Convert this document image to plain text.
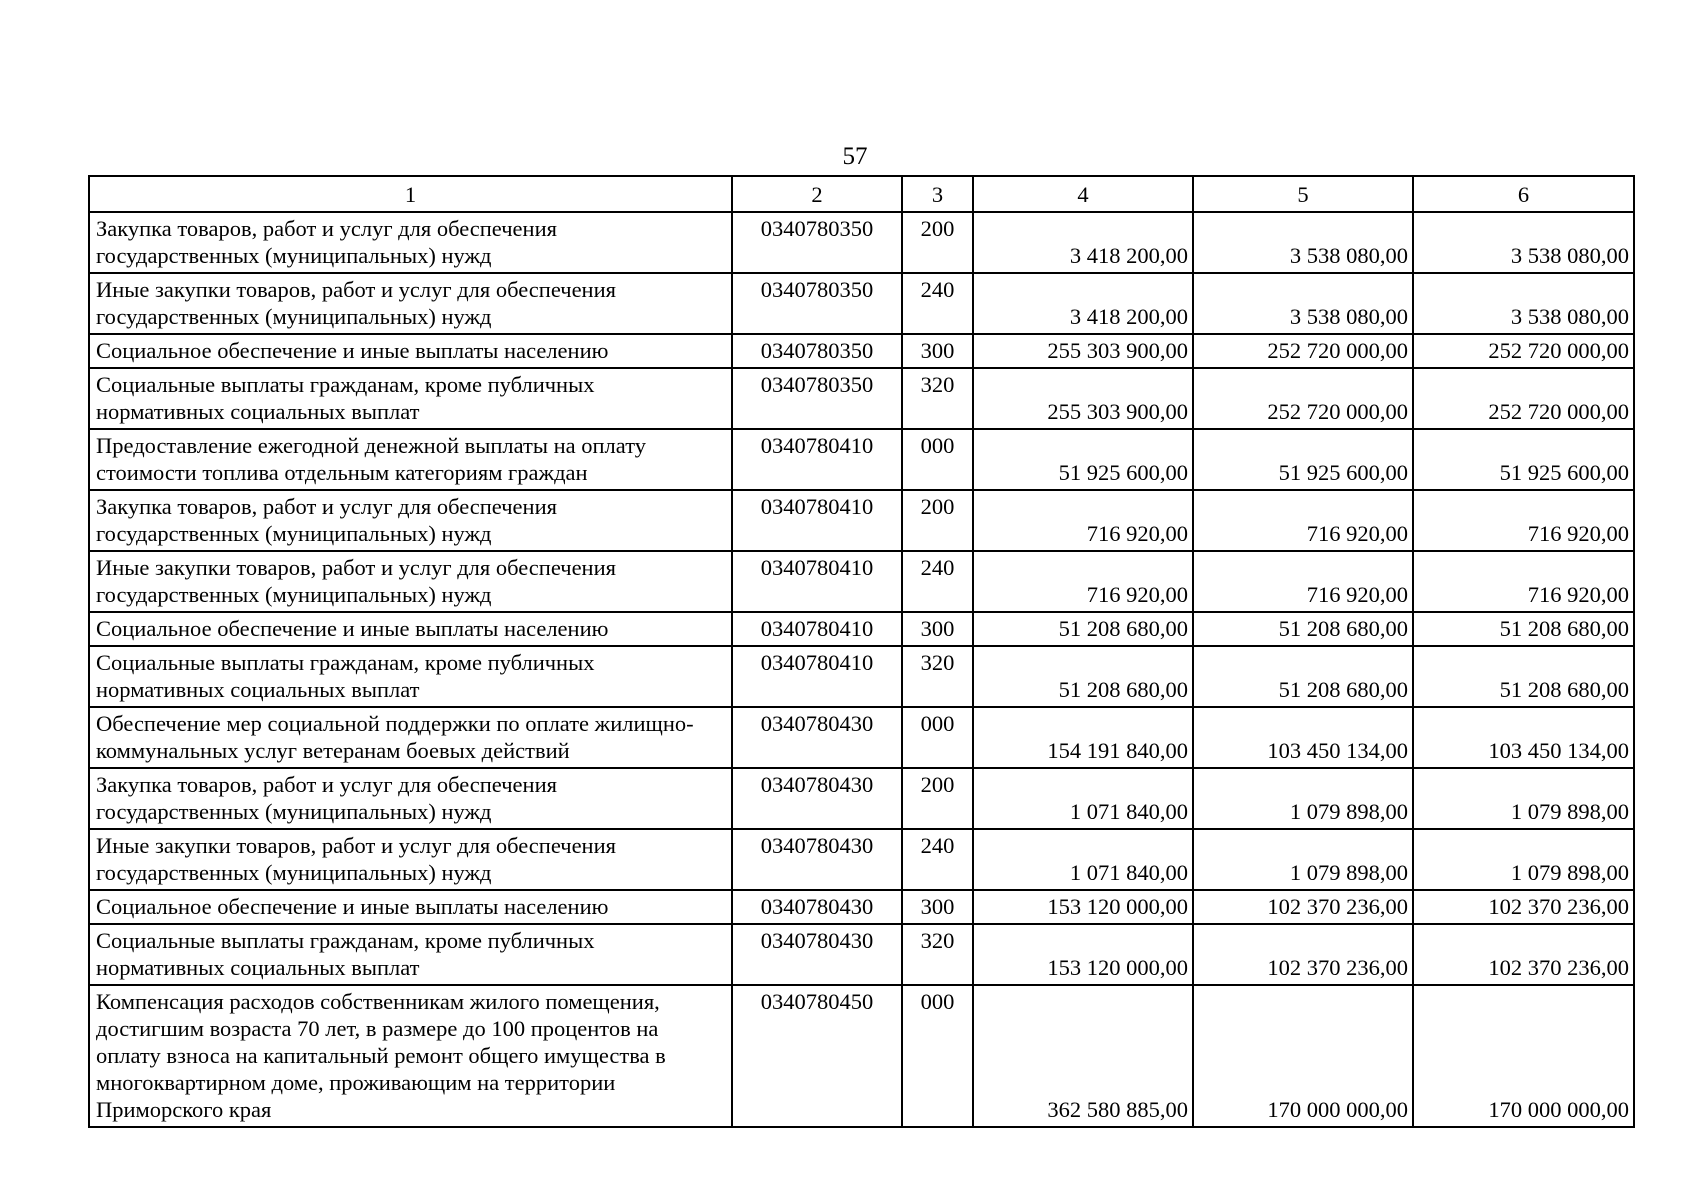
57
1	2	3	4	5	6
Закупка товаров, работ и услуг для обеспечения государственных (муниципальных) нужд	0340780350	200	3 418 200,00	3 538 080,00	3 538 080,00
Иные закупки товаров, работ и услуг для обеспечения государственных (муниципальных) нужд	0340780350	240	3 418 200,00	3 538 080,00	3 538 080,00
Социальное обеспечение и иные выплаты населению	0340780350	300	255 303 900,00	252 720 000,00	252 720 000,00
Социальные выплаты гражданам, кроме публичных нормативных социальных выплат	0340780350	320	255 303 900,00	252 720 000,00	252 720 000,00
Предоставление ежегодной денежной выплаты на оплату стоимости топлива отдельным категориям граждан	0340780410	000	51 925 600,00	51 925 600,00	51 925 600,00
Закупка товаров, работ и услуг для обеспечения государственных (муниципальных) нужд	0340780410	200	716 920,00	716 920,00	716 920,00
Иные закупки товаров, работ и услуг для обеспечения государственных (муниципальных) нужд	0340780410	240	716 920,00	716 920,00	716 920,00
Социальное обеспечение и иные выплаты населению	0340780410	300	51 208 680,00	51 208 680,00	51 208 680,00
Социальные выплаты гражданам, кроме публичных нормативных социальных выплат	0340780410	320	51 208 680,00	51 208 680,00	51 208 680,00
Обеспечение мер социальной поддержки по оплате жилищно-коммунальных услуг ветеранам боевых действий	0340780430	000	154 191 840,00	103 450 134,00	103 450 134,00
Закупка товаров, работ и услуг для обеспечения государственных (муниципальных) нужд	0340780430	200	1 071 840,00	1 079 898,00	1 079 898,00
Иные закупки товаров, работ и услуг для обеспечения государственных (муниципальных) нужд	0340780430	240	1 071 840,00	1 079 898,00	1 079 898,00
Социальное обеспечение и иные выплаты населению	0340780430	300	153 120 000,00	102 370 236,00	102 370 236,00
Социальные выплаты гражданам, кроме публичных нормативных социальных выплат	0340780430	320	153 120 000,00	102 370 236,00	102 370 236,00
Компенсация расходов собственникам жилого помещения, достигшим возраста 70 лет, в размере до 100 процентов на оплату взноса на капитальный ремонт общего имущества в многоквартирном доме, проживающим на территории Приморского края	0340780450	000	362 580 885,00	170 000 000,00	170 000 000,00
